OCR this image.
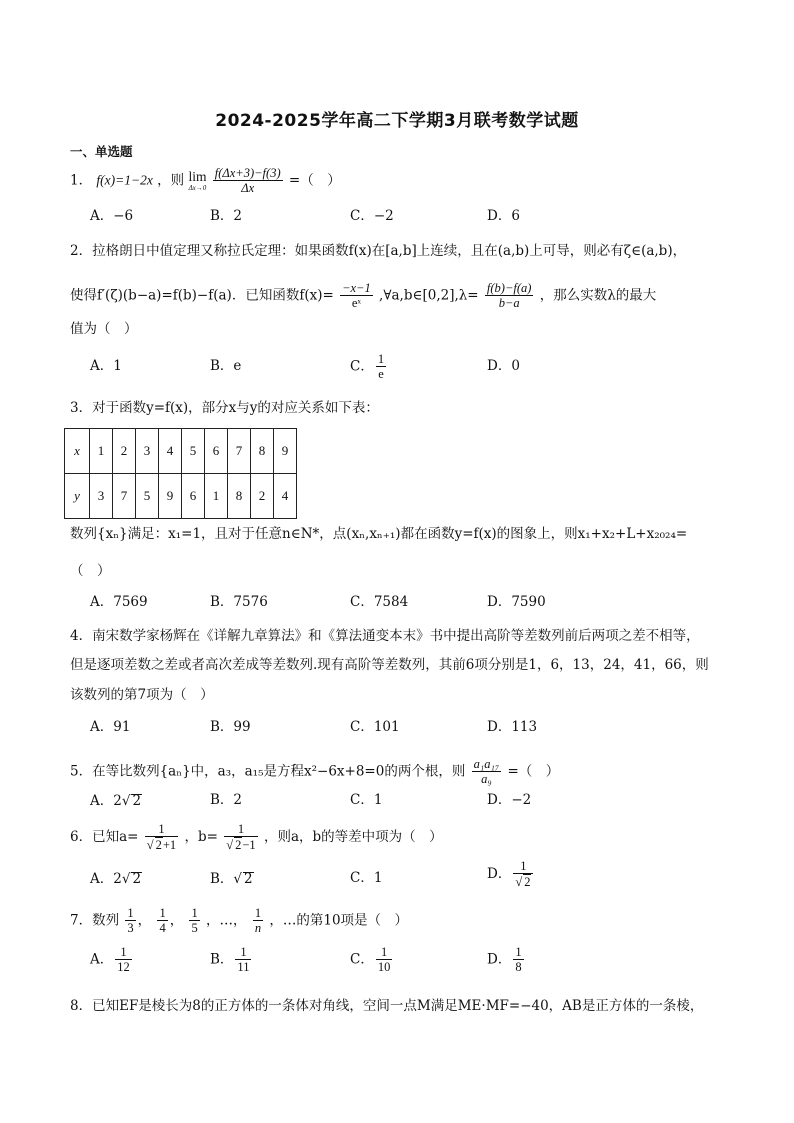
2024-2025学年高二下学期3月联考数学试题
一、单选题
1． f(x)=1−2x ，则 lim
Δx→0
$\frac{f(\Delta x+3)-f(3)}{\Delta x}$ =（　）
A．−6	B．2	C．−2	D．6
2．拉格朗日中值定理又称拉氏定理：如果函数f(x)在[a,b]上连续，且在(a,b)上可导，则必有ζ∈(a,b)，
使得f′(ζ)(b−a)=f(b)−f(a)．已知函数$f(x)= \frac{-x-1}{\text{eˣ}}$ ,∀a,b∈[0,2],λ= $\frac{f(b)-f(a)}{b-a}$ ，那么实数λ的最大
值为（　）
A．1	B．e	C． $\frac{1}{e}$	D．0
3．对于函数y=f(x)，部分x与y的对应关系如下表：
x	1	2	3	4	5	6	7	8	9
y	3	7	5	9	6	1	8	2	4
数列{xₙ}满足：x₁=1，且对于任意n∈N*，点(xₙ,xₙ₊₁)都在函数y=f(x)的图象上，则x₁+x₂+L+x₂₀₂₄=
（　）
A．7569	B．7576	C．7584	D．7590
4．南宋数学家杨辉在《详解九章算法》和《算法通变本末》书中提出高阶等差数列前后两项之差不相等，
但是逐项差数之差或者高次差成等差数列.现有高阶等差数列，其前6项分别是1，6，13，24，41，66，则
该数列的第7项为（　）
A．91	B．99	C．101	D．113
5．在等比数列{aₙ}中，a₃，a₁₅是方程x²−6x+8=0的两个根，则 $\frac{\text{a₁a₁₇}}{\text{a₉}}$ =（　）
A．2√ 2	B．2	C．1	D．−2
6．已知$a= \frac{1}{√ 2+1}$ ，$b= \frac{1}{√ 2-1}$ ，则a，b的等差中项为（　）
A．2√ 2	B．√ 2	C．1	D． $\frac{1}{√ 2}$
7．数列 $\frac{1}{3}$ ， $\frac{1}{4}$ ， $\frac{1}{5}$ ，…， $\frac{1}{n}$ ，…的第10项是（　）
A． $\frac{1}{12}$	B． $\frac{1}{11}$	C． $\frac{1}{10}$	D． $\frac{1}{8}$
8．已知EF是棱长为8的正方体的一条体对角线，空间一点M满足ME·MF=−40，AB是正方体的一条棱，
